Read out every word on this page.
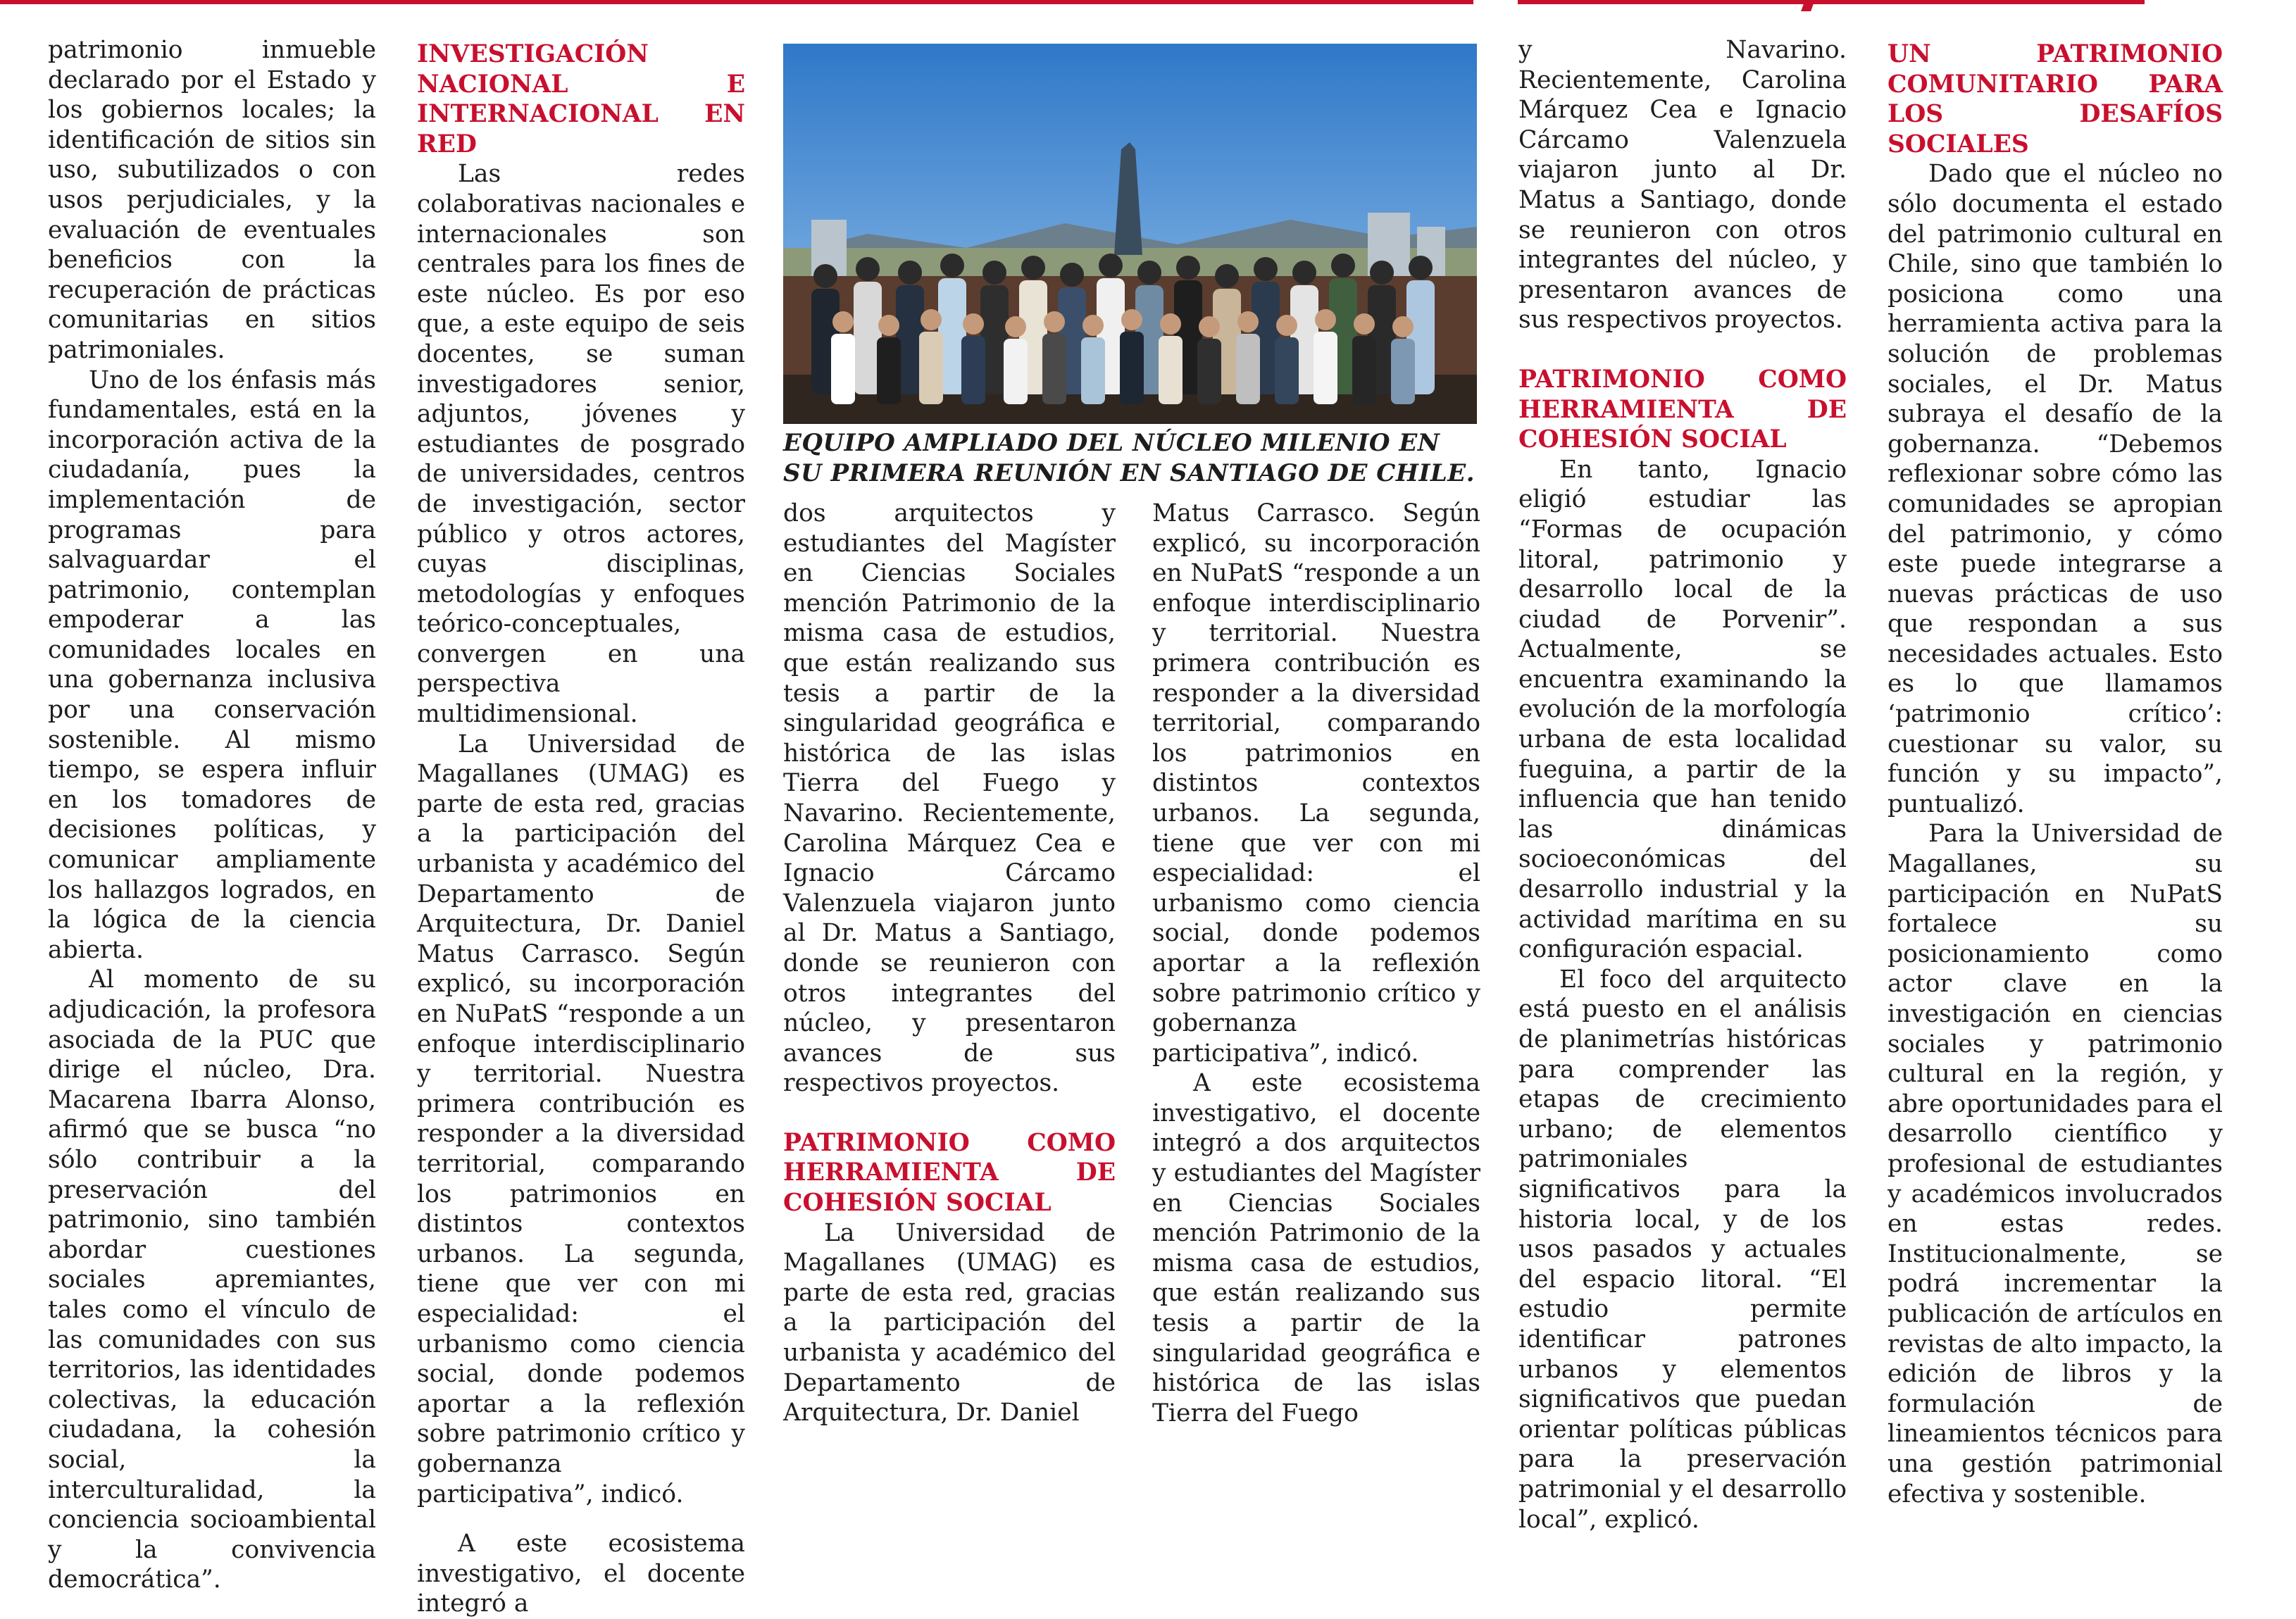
patrimonio inmueble declarado por el Estado y los gobiernos locales; la identificación de sitios sin uso, subutilizados o con usos perjudiciales, y la evaluación de eventuales beneficios con la recuperación de prácticas comunitarias en sitios patrimoniales.

Uno de los énfasis más fundamentales, está en la incorporación activa de la ciudadanía, pues la implementación de programas para salvaguardar el patrimonio, contemplan empoderar a las comunidades locales en una gobernanza inclusiva por una conservación sostenible. Al mismo tiempo, se espera influir en los tomadores de decisiones políticas, y comunicar ampliamente los hallazgos logrados, en la lógica de la ciencia abierta.

Al momento de su adjudicación, la profesora asociada de la PUC que dirige el núcleo, Dra. Macarena Ibarra Alonso, afirmó que se busca “no sólo contribuir a la preservación del patrimonio, sino también abordar cuestiones sociales apremiantes, tales como el vínculo de las comunidades con sus territorios, las identidades colectivas, la educación ciudadana, la cohesión social, la interculturalidad, la conciencia socioambiental y la convivencia democrática”.

INVESTIGACIÓN NACIONAL E INTERNACIONAL EN RED

Las redes colaborativas nacionales e internacionales son centrales para los fines de este núcleo. Es por eso que, a este equipo de seis docentes, se suman investigadores senior, adjuntos, jóvenes y estudiantes de posgrado de universidades, centros de investigación, sector público y otros actores, cuyas disciplinas, metodologías y enfoques teórico-conceptuales, convergen en una perspectiva multidimensional.

La Universidad de Magallanes (UMAG) es parte de esta red, gracias a la participación del urbanista y académico del Departamento de Arquitectura, Dr. Daniel Matus Carrasco. Según explicó, su incorporación en NuPatS “responde a un enfoque interdisciplinario y territorial. Nuestra primera contribución es responder a la diversidad territorial, comparando los patrimonios en distintos contextos urbanos. La segunda, tiene que ver con mi especialidad: el urbanismo como ciencia social, donde podemos aportar a la reflexión sobre patrimonio crítico y gobernanza participativa”, indicó.

A este ecosistema investigativo, el docente integró a

EQUIPO AMPLIADO DEL NÚCLEO MILENIO EN SU PRIMERA REUNIÓN EN SANTIAGO DE CHILE.

dos arquitectos y estudiantes del Magíster en Ciencias Sociales mención Patrimonio de la misma casa de estudios, que están realizando sus tesis a partir de la singularidad geográfica e histórica de las islas Tierra del Fuego y Navarino. Recientemente, Carolina Márquez Cea e Ignacio Cárcamo Valenzuela viajaron junto al Dr. Matus a Santiago, donde se reunieron con otros integrantes del núcleo, y presentaron avances de sus respectivos proyectos.

PATRIMONIO COMO HERRAMIENTA DE COHESIÓN SOCIAL

La Universidad de Magallanes (UMAG) es parte de esta red, gracias a la participación del urbanista y académico del Departamento de Arquitectura, Dr. Daniel

Matus Carrasco. Según explicó, su incorporación en NuPatS “responde a un enfoque interdisciplinario y territorial. Nuestra primera contribución es responder a la diversidad territorial, comparando los patrimonios en distintos contextos urbanos. La segunda, tiene que ver con mi especialidad: el urbanismo como ciencia social, donde podemos aportar a la reflexión sobre patrimonio crítico y gobernanza participativa”, indicó.

A este ecosistema investigativo, el docente integró a dos arquitectos y estudiantes del Magíster en Ciencias Sociales mención Patrimonio de la misma casa de estudios, que están realizando sus tesis a partir de la singularidad geográfica e histórica de las islas Tierra del Fuego

y Navarino. Recientemente, Carolina Márquez Cea e Ignacio Cárcamo Valenzuela viajaron junto al Dr. Matus a Santiago, donde se reunieron con otros integrantes del núcleo, y presentaron avances de sus respectivos proyectos.

PATRIMONIO COMO HERRAMIENTA DE COHESIÓN SOCIAL

En tanto, Ignacio eligió estudiar las “Formas de ocupación litoral, patrimonio y desarrollo local de la ciudad de Porvenir”. Actualmente, se encuentra examinando la evolución de la morfología urbana de esta localidad fueguina, a partir de la influencia que han tenido las dinámicas socioeconómicas del desarrollo industrial y la actividad marítima en su configuración espacial.

El foco del arquitecto está puesto en el análisis de planimetrías históricas para comprender las etapas de crecimiento urbano; de elementos patrimoniales significativos para la historia local, y de los usos pasados y actuales del espacio litoral. “El estudio permite identificar patrones urbanos y elementos significativos que puedan orientar políticas públicas para la preservación patrimonial y el desarrollo local”, explicó.

UN PATRIMONIO COMUNITARIO PARA LOS DESAFÍOS SOCIALES

Dado que el núcleo no sólo documenta el estado del patrimonio cultural en Chile, sino que también lo posiciona como una herramienta activa para la solución de problemas sociales, el Dr. Matus subraya el desafío de la gobernanza. “Debemos reflexionar sobre cómo las comunidades se apropian del patrimonio, y cómo este puede integrarse a nuevas prácticas de uso que respondan a sus necesidades actuales. Esto es lo que llamamos ‘patrimonio crítico’: cuestionar su valor, su función y su impacto”, puntualizó.

Para la Universidad de Magallanes, su participación en NuPatS fortalece su posicionamiento como actor clave en la investigación en ciencias sociales y patrimonio cultural en la región, y abre oportunidades para el desarrollo científico y profesional de estudiantes y académicos involucrados en estas redes. Institucionalmente, se podrá incrementar la publicación de artículos en revistas de alto impacto, la edición de libros y la formulación de lineamientos técnicos para una gestión patrimonial efectiva y sostenible.
